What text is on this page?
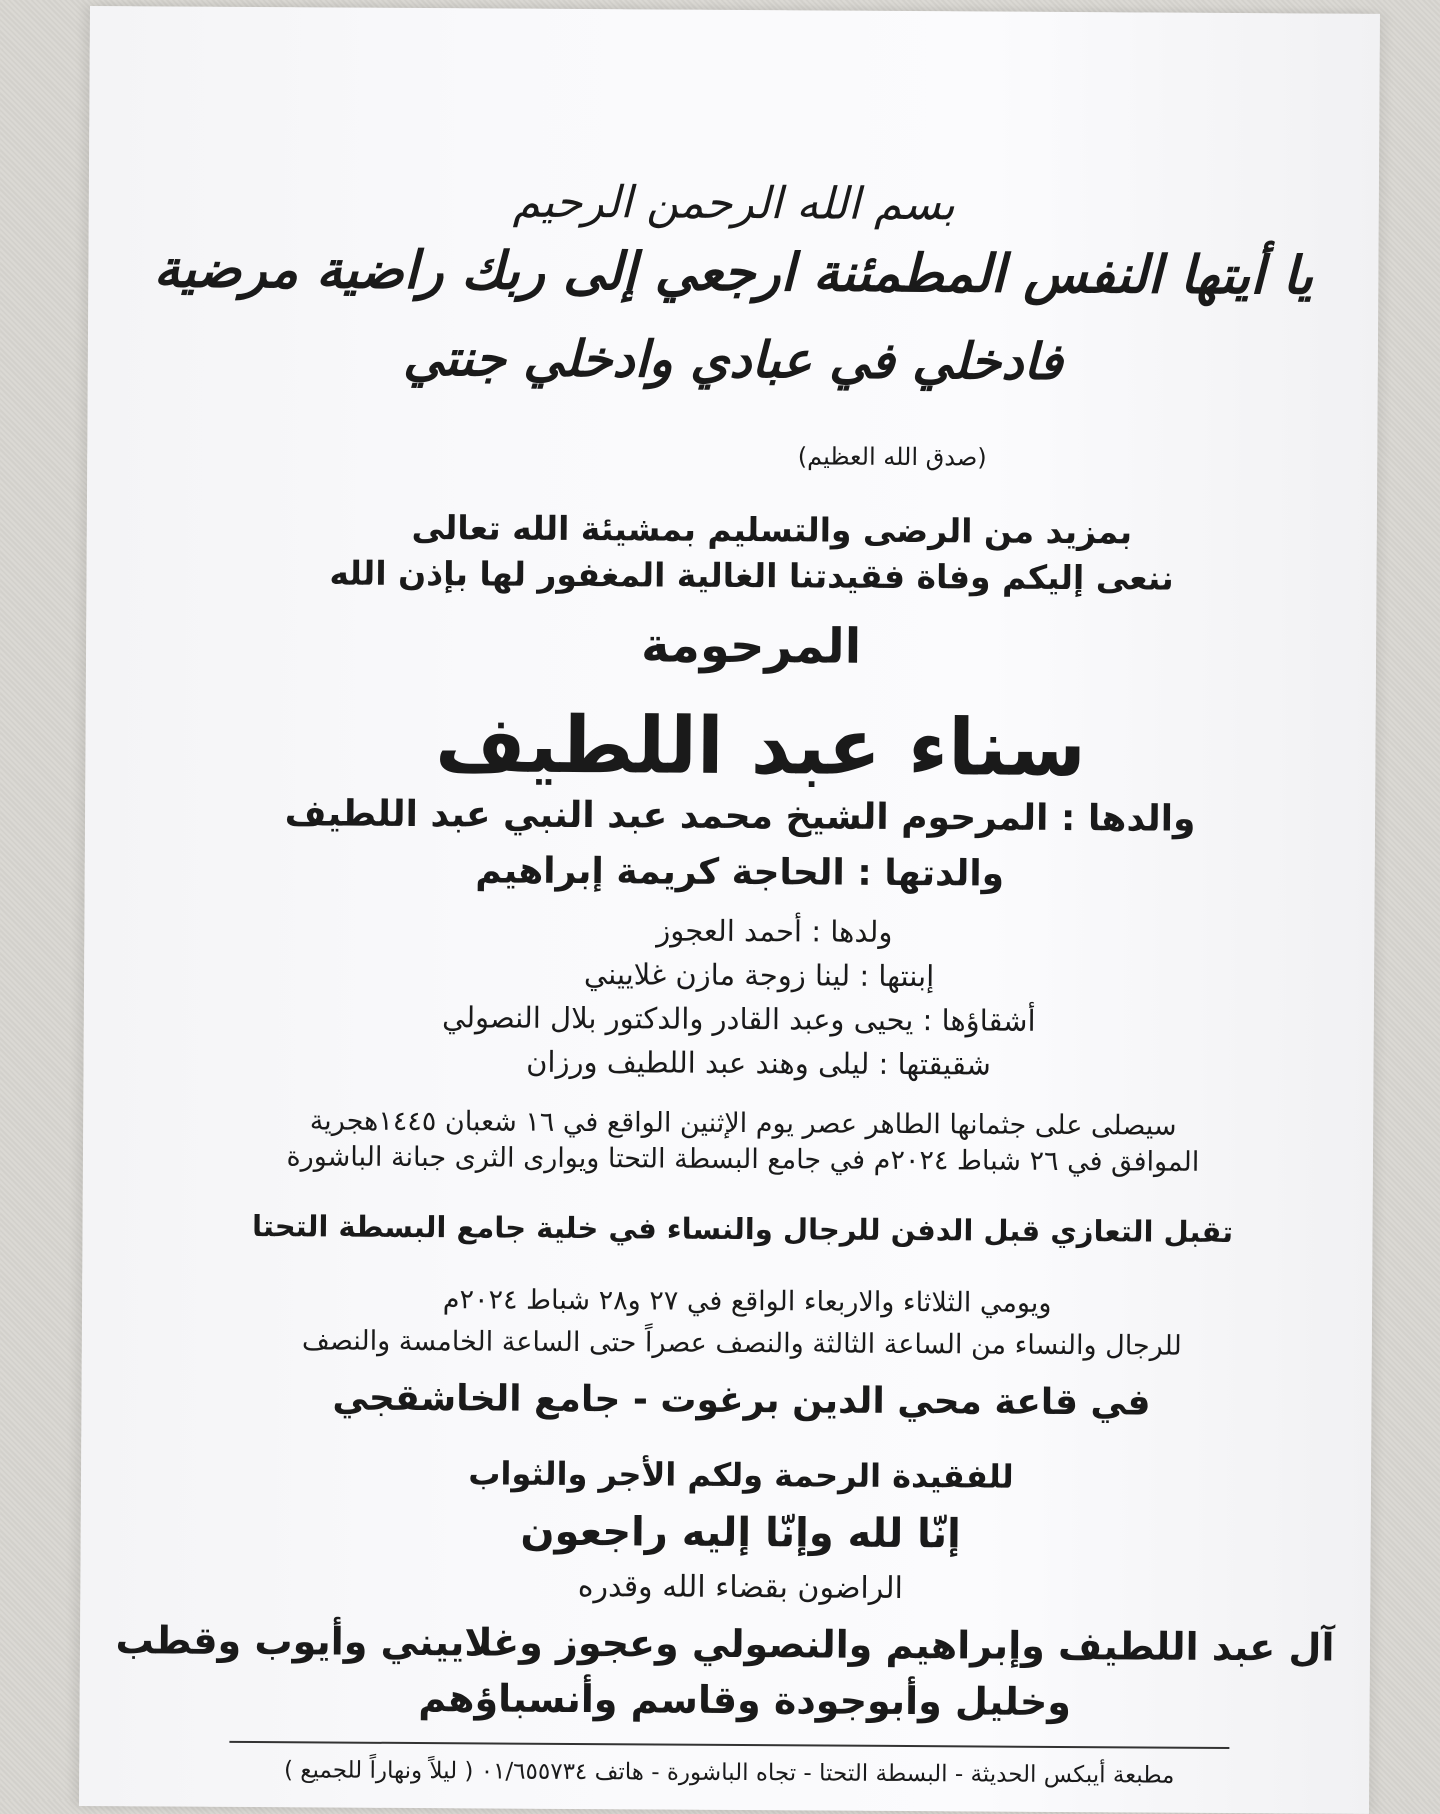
بسم الله الرحمن الرحيم
يا أيتها النفس المطمئنة ارجعي إلى ربك راضية مرضية
فادخلي في عبادي وادخلي جنتي
(صدق الله العظيم)
بمزيد من الرضى والتسليم بمشيئة الله تعالى
ننعى إليكم وفاة فقيدتنا الغالية المغفور لها بإذن الله
المرحومة
سناء عبد اللطيف
والدها : المرحوم الشيخ محمد عبد النبي عبد اللطيف
والدتها : الحاجة كريمة إبراهيم
ولدها : أحمد العجوز
إبنتها : لينا زوجة مازن غلاييني
أشقاؤها : يحيى وعبد القادر والدكتور بلال النصولي
شقيقتها : ليلى وهند عبد اللطيف ورزان
سيصلى على جثمانها الطاهر عصر يوم الإثنين الواقع في ١٦ شعبان ١٤٤٥هجرية
الموافق في ٢٦ شباط ٢٠٢٤م في جامع البسطة التحتا ويوارى الثرى جبانة الباشورة
تقبل التعازي قبل الدفن للرجال والنساء في خلية جامع البسطة التحتا
ويومي الثلاثاء والاربعاء الواقع في ٢٧ و٢٨ شباط ٢٠٢٤م
للرجال والنساء من الساعة الثالثة والنصف عصراً حتى الساعة الخامسة والنصف
في قاعة محي الدين برغوت - جامع الخاشقجي
للفقيدة الرحمة ولكم الأجر والثواب
إنّا لله وإنّا إليه راجعون
الراضون بقضاء الله وقدره
آل عبد اللطيف وإبراهيم والنصولي وعجوز وغلاييني وأيوب وقطب
وخليل وأبوجودة وقاسم وأنسباؤهم
مطبعة أيبكس الحديثة - البسطة التحتا - تجاه الباشورة - هاتف ٠١/٦٥٥٧٣٤ ( ليلاً ونهاراً للجميع )
